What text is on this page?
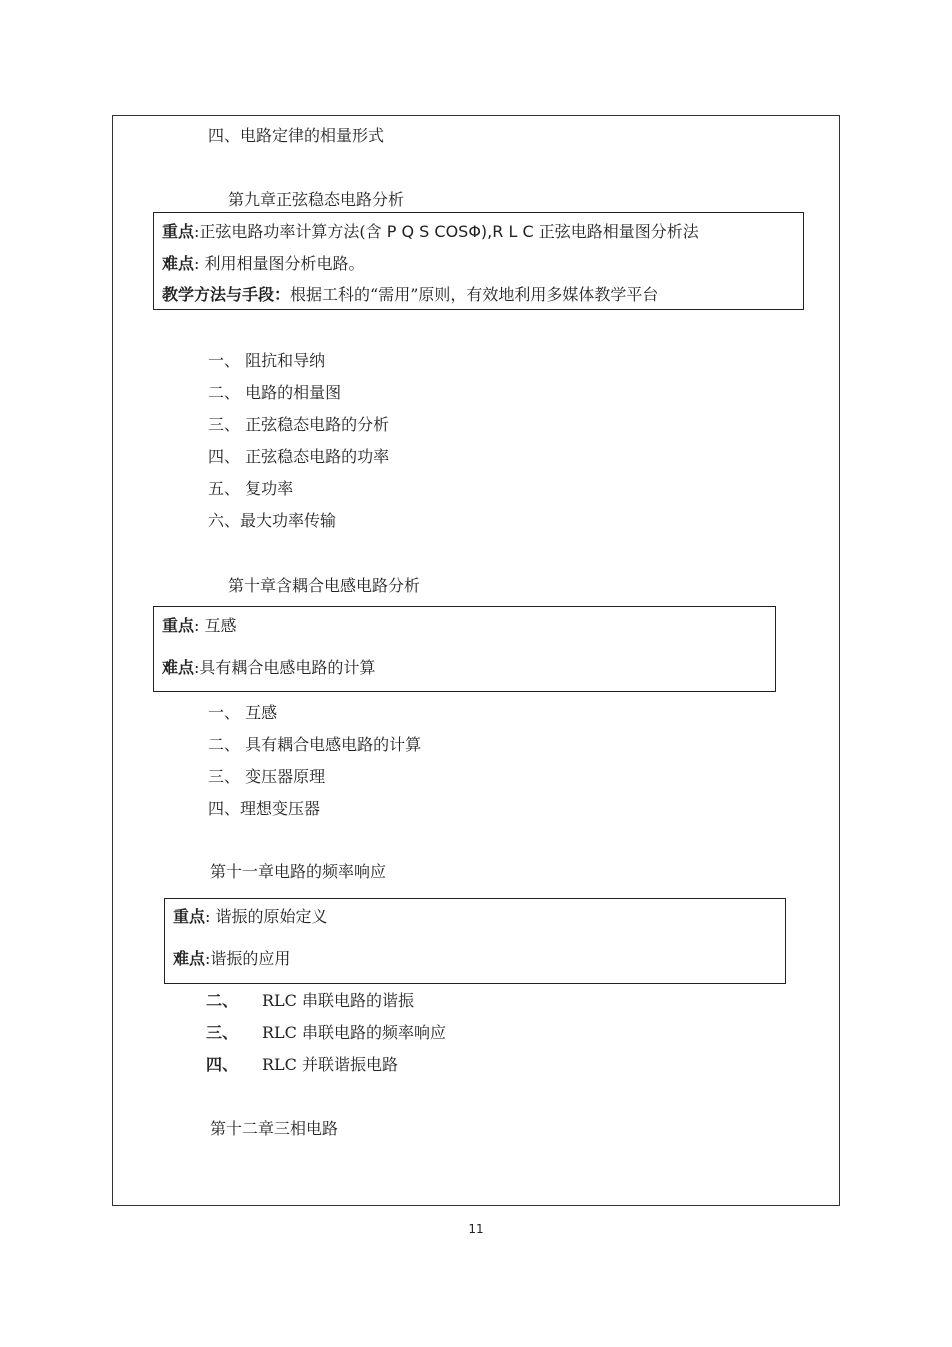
四、电路定律的相量形式
第九章正弦稳态电路分析
重点:正弦电路功率计算方法(含 P Q S COSΦ),R L C 正弦电路相量图分析法
难点: 利用相量图分析电路。
教学方法与手段：根据工科的“需用”原则，有效地利用多媒体教学平台
一、 阻抗和导纳
二、 电路的相量图
三、 正弦稳态电路的分析
四、 正弦稳态电路的功率
五、 复功率
六、最大功率传输
第十章含耦合电感电路分析
重点: 互感
难点:具有耦合电感电路的计算
一、 互感
二、 具有耦合电感电路的计算
三、 变压器原理
四、理想变压器
第十一章电路的频率响应
重点: 谐振的原始定义
难点:谐振的应用
二、 RLC 串联电路的谐振
三、 RLC 串联电路的频率响应
四、 RLC 并联谐振电路
第十二章三相电路
11
